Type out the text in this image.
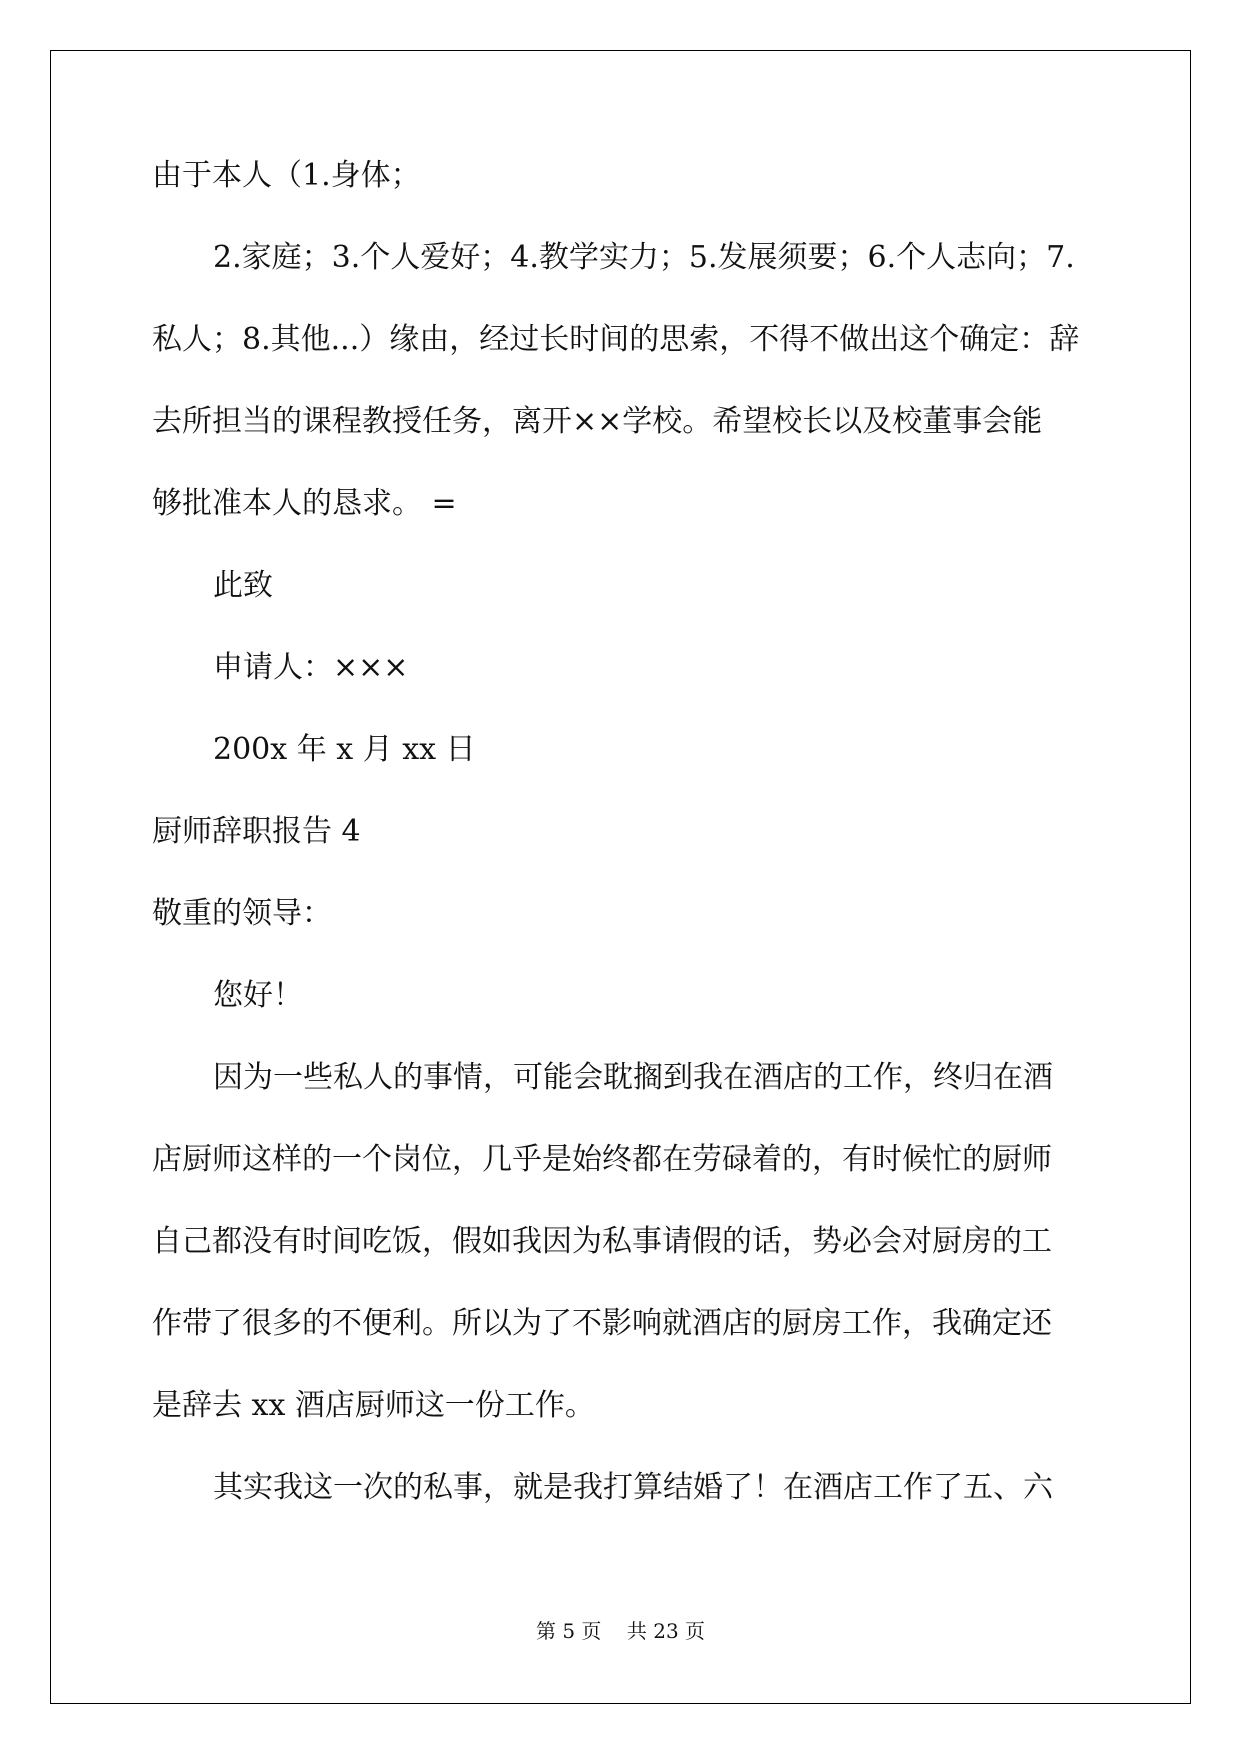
由于本人（1.身体；
2.家庭；3.个人爱好；4.教学实力；5.发展须要；6.个人志向；7.
私人；8.其他...）缘由，经过长时间的思索，不得不做出这个确定：辞
去所担当的课程教授任务，离开××学校。希望校长以及校董事会能
够批准本人的恳求。 =
此致
申请人：×××
200x 年 x 月 xx 日
厨师辞职报告 4
敬重的领导：
您好！
因为一些私人的事情，可能会耽搁到我在酒店的工作，终归在酒
店厨师这样的一个岗位，几乎是始终都在劳碌着的，有时候忙的厨师
自己都没有时间吃饭，假如我因为私事请假的话，势必会对厨房的工
作带了很多的不便利。所以为了不影响就酒店的厨房工作，我确定还
是辞去 xx 酒店厨师这一份工作。
其实我这一次的私事，就是我打算结婚了！在酒店工作了五、六
第 5 页 共 23 页
